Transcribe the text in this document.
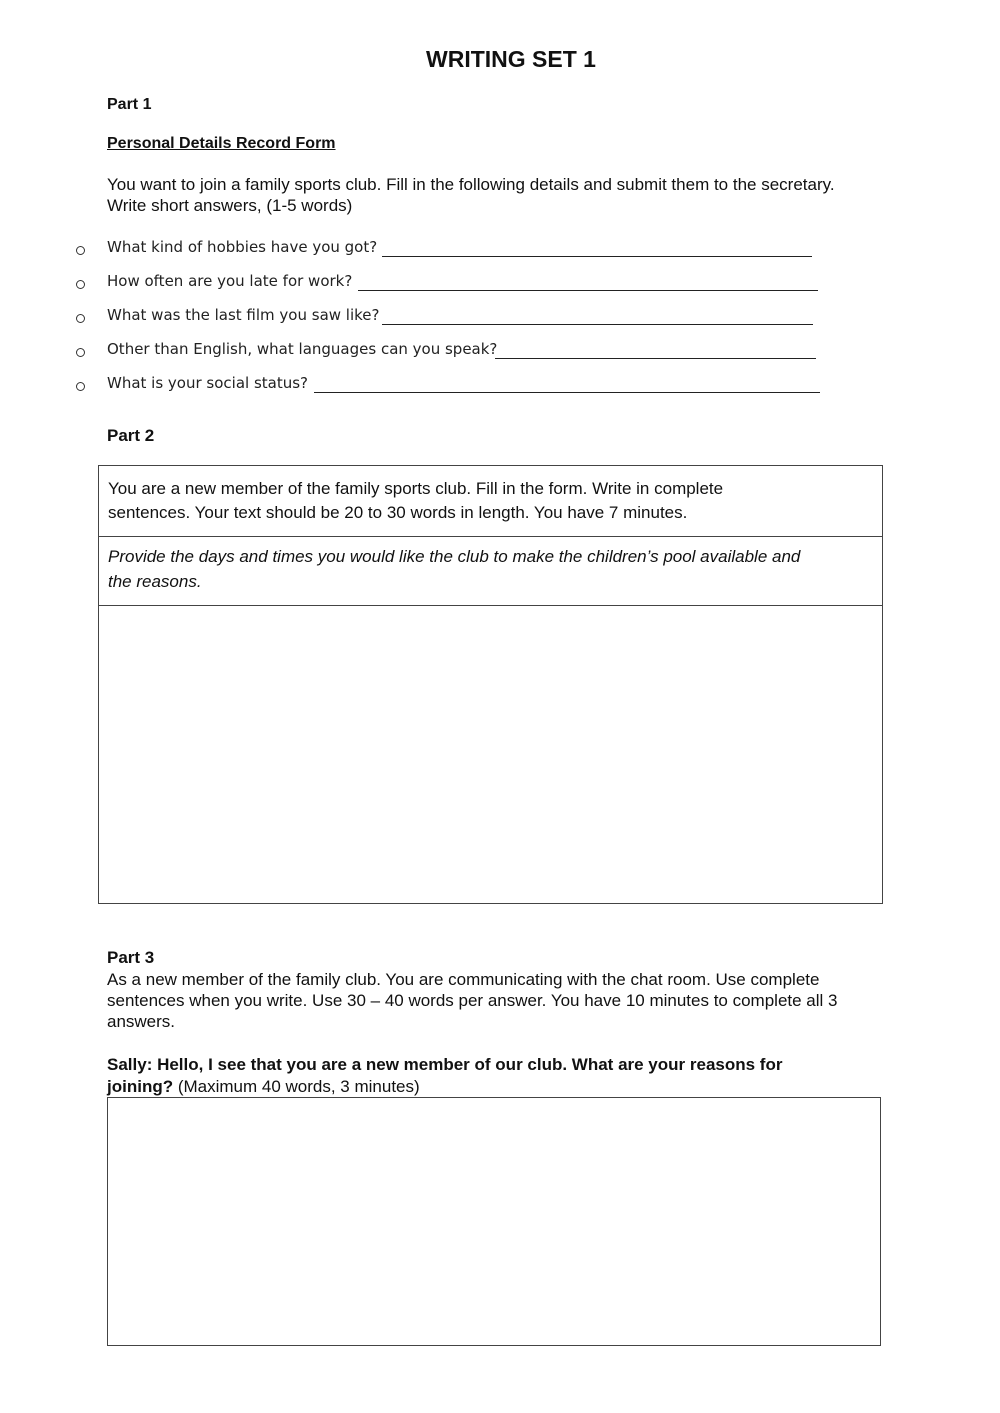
WRITING SET 1
Part 1
Personal Details Record Form
You want to join a family sports club. Fill in the following details and submit them to the secretary.
Write short answers, (1-5 words)
What kind of hobbies have you got?
How often are you late for work?
What was the last film you saw like?
Other than English, what languages can you speak?
What is your social status?
Part 2
You are a new member of the family sports club. Fill in the form. Write in complete
sentences. Your text should be 20 to 30 words in length. You have 7 minutes.
Provide the days and times you would like the club to make the children’s pool available and
the reasons.
Part 3
As a new member of the family club. You are communicating with the chat room. Use complete
sentences when you write. Use 30 – 40 words per answer. You have 10 minutes to complete all 3
answers.
Sally: Hello, I see that you are a new member of our club. What are your reasons for
joining? (Maximum 40 words, 3 minutes)
